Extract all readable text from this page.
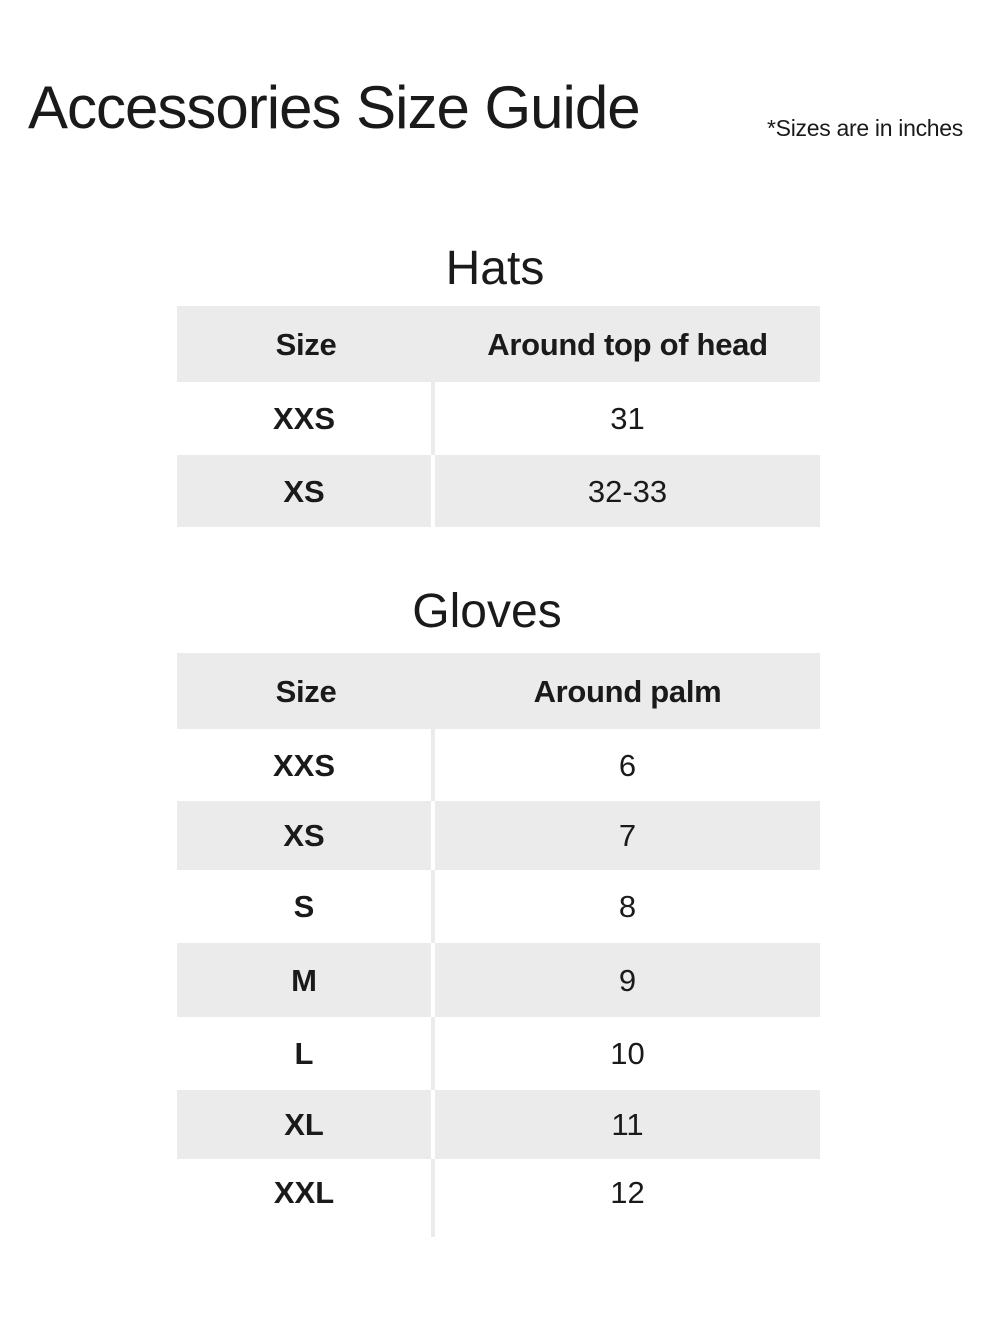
Accessories Size Guide	*Sizes are in inches
Hats
Size	Around top of head
XXS	31
XS	32-33
Gloves
Size	Around palm
XXS	6
XS	7
S	8
M	9
L	10
XL	11
XXL	12
